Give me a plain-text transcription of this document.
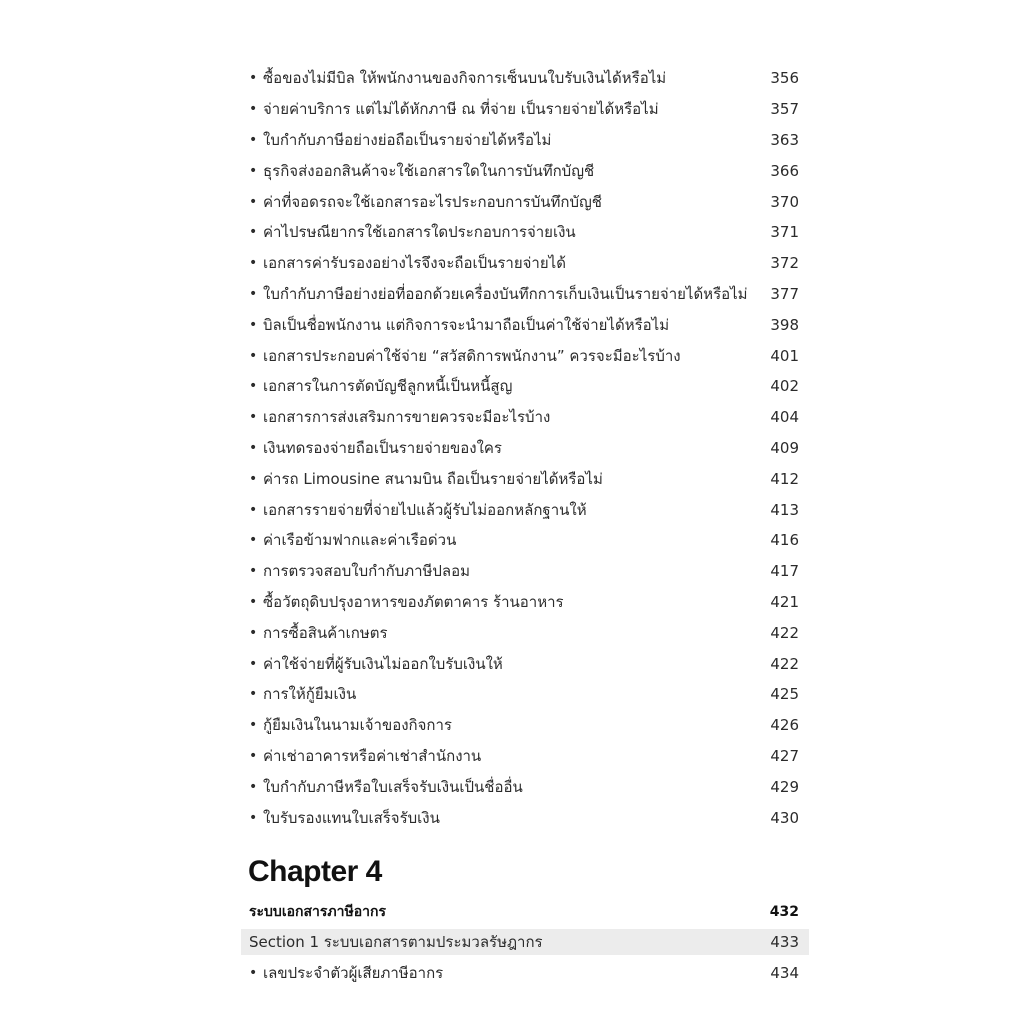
• ซื้อของไม่มีบิล ให้พนักงานของกิจการเซ็นบนใบรับเงินได้หรือไม่	356
• จ่ายค่าบริการ แต่ไม่ได้หักภาษี ณ ที่จ่าย เป็นรายจ่ายได้หรือไม่	357
• ใบกำกับภาษีอย่างย่อถือเป็นรายจ่ายได้หรือไม่	363
• ธุรกิจส่งออกสินค้าจะใช้เอกสารใดในการบันทึกบัญชี	366
• ค่าที่จอดรถจะใช้เอกสารอะไรประกอบการบันทึกบัญชี	370
• ค่าไปรษณียากรใช้เอกสารใดประกอบการจ่ายเงิน	371
• เอกสารค่ารับรองอย่างไรจึงจะถือเป็นรายจ่ายได้	372
• ใบกำกับภาษีอย่างย่อที่ออกด้วยเครื่องบันทึกการเก็บเงินเป็นรายจ่ายได้หรือไม่	377
• บิลเป็นชื่อพนักงาน แต่กิจการจะนำมาถือเป็นค่าใช้จ่ายได้หรือไม่	398
• เอกสารประกอบค่าใช้จ่าย “สวัสดิการพนักงาน” ควรจะมีอะไรบ้าง	401
• เอกสารในการตัดบัญชีลูกหนี้เป็นหนี้สูญ	402
• เอกสารการส่งเสริมการขายควรจะมีอะไรบ้าง	404
• เงินทดรองจ่ายถือเป็นรายจ่ายของใคร	409
• ค่ารถ Limousine สนามบิน ถือเป็นรายจ่ายได้หรือไม่	412
• เอกสารรายจ่ายที่จ่ายไปแล้วผู้รับไม่ออกหลักฐานให้	413
• ค่าเรือข้ามฟากและค่าเรือด่วน	416
• การตรวจสอบใบกำกับภาษีปลอม	417
• ซื้อวัตถุดิบปรุงอาหารของภัตตาคาร ร้านอาหาร	421
• การซื้อสินค้าเกษตร	422
• ค่าใช้จ่ายที่ผู้รับเงินไม่ออกใบรับเงินให้	422
• การให้กู้ยืมเงิน	425
• กู้ยืมเงินในนามเจ้าของกิจการ	426
• ค่าเช่าอาคารหรือค่าเช่าสำนักงาน	427
• ใบกำกับภาษีหรือใบเสร็จรับเงินเป็นชื่ออื่น	429
• ใบรับรองแทนใบเสร็จรับเงิน	430
Chapter 4
ระบบเอกสารภาษีอากร	432
Section 1 ระบบเอกสารตามประมวลรัษฎากร	433
• เลขประจำตัวผู้เสียภาษีอากร	434
